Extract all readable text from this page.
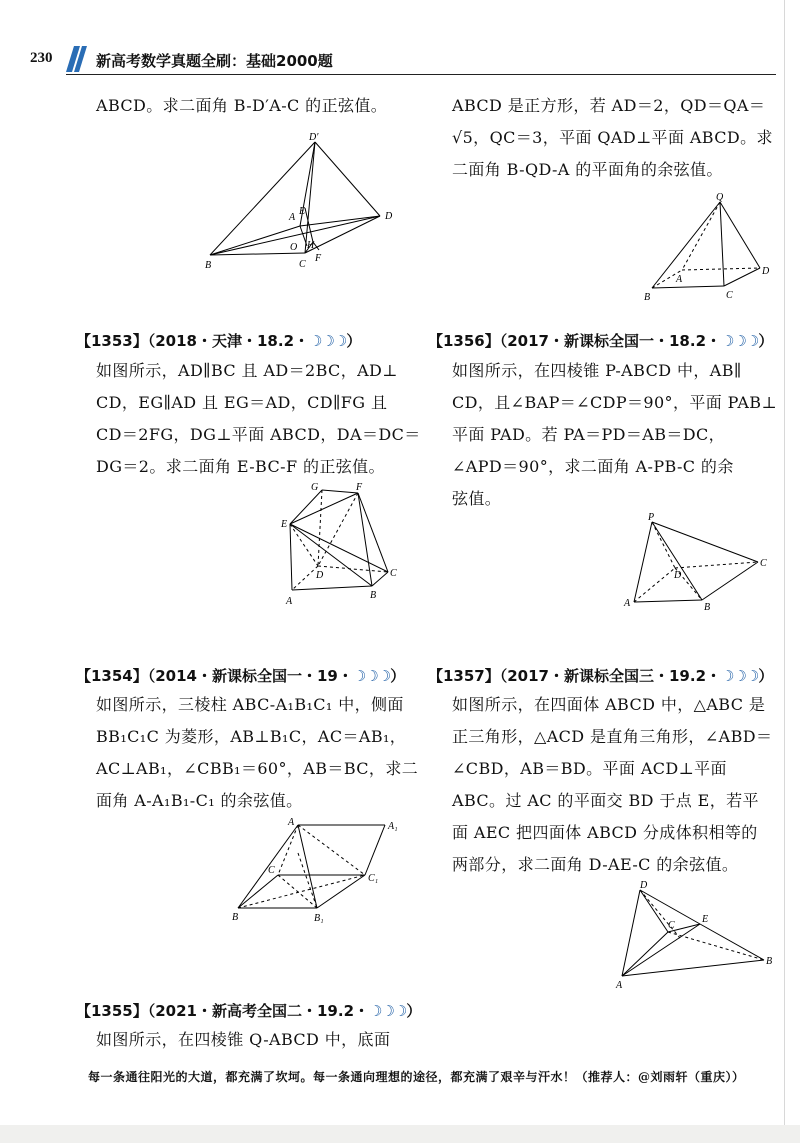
230	新高考数学真题全刷：基础2000题
ABCD。求二面角 B-D′A-C 的正弦值。
D′
A
E
O H
B	C
F
D
【1353】（2018・天津・18.2・☽☽☽）
如图所示，AD∥BC 且 AD＝2BC，AD⊥
CD，EG∥AD 且 EG＝AD，CD∥FG 且
CD＝2FG，DG⊥平面 ABCD，DA＝DC＝
DG＝2。求二面角 E-BC-F 的正弦值。
G	F
E
D	C
A
B
【1354】（2014・新课标全国一・19・☽☽☽）
如图所示，三棱柱 ABC-A₁B₁C₁ 中，侧面
BB₁C₁C 为菱形，AB⊥B₁C，AC＝AB₁，
AC⊥AB₁，∠CBB₁＝60°，AB＝BC，求二
面角 A-A₁B₁-C₁ 的余弦值。
A	A₁
C
C₁
B	B₁
【1355】（2021・新高考全国二・19.2・☽☽☽）
如图所示，在四棱锥 Q-ABCD 中，底面
ABCD 是正方形，若 AD＝2，QD＝QA＝
√5，QC＝3，平面 QAD⊥平面 ABCD。求
二面角 B-QD-A 的平面角的余弦值。
Q
A
D
B	C
【1356】（2017・新课标全国一・18.2・☽☽☽）
如图所示，在四棱锥 P-ABCD 中，AB∥
CD，且∠BAP＝∠CDP＝90°，平面 PAB⊥
平面 PAD。若 PA＝PD＝AB＝DC，
∠APD＝90°，求二面角 A-PB-C 的余
弦值。
P
D
C
A	B
【1357】（2017・新课标全国三・19.2・☽☽☽）
如图所示，在四面体 ABCD 中，△ABC 是
正三角形，△ACD 是直角三角形，∠ABD＝
∠CBD，AB＝BD。平面 ACD⊥平面
ABC。过 AC 的平面交 BD 于点 E，若平
面 AEC 把四面体 ABCD 分成体积相等的
两部分，求二面角 D-AE-C 的余弦值。
D
C
E
B
A
每一条通往阳光的大道，都充满了坎坷。每一条通向理想的途径，都充满了艰辛与汗水！（推荐人：@刘雨轩（重庆））
